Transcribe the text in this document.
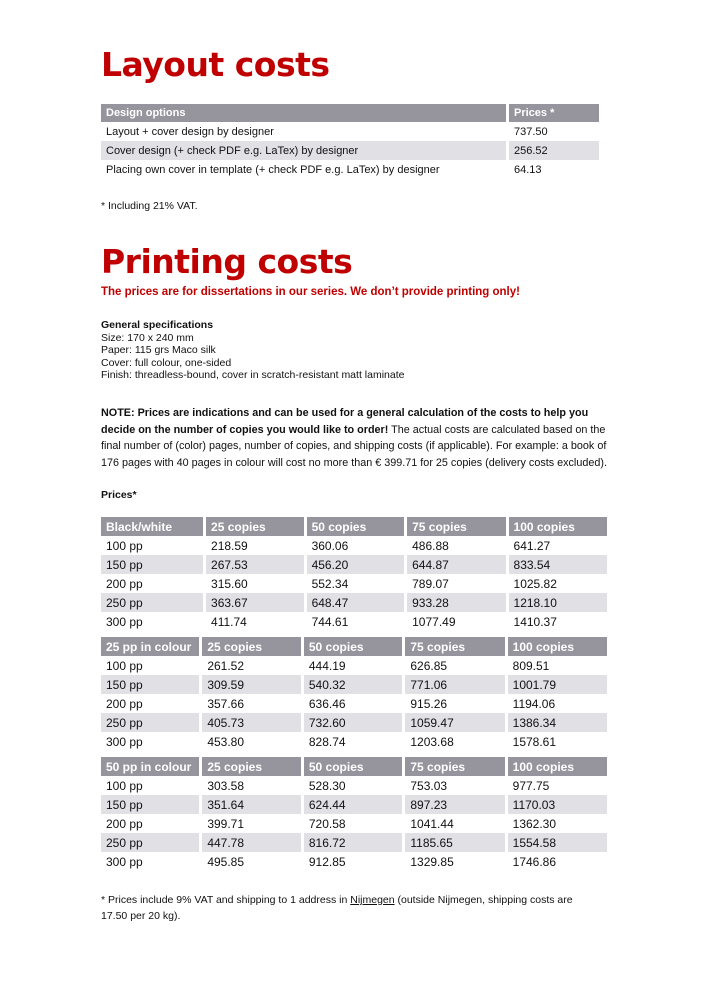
Layout costs
Design options	Prices *
Layout + cover design by designer	737.50
Cover design (+ check PDF e.g. LaTex) by designer	256.52
Placing own cover in template (+ check PDF e.g. LaTex) by designer	64.13
* Including 21% VAT.
Printing costs
The prices are for dissertations in our series. We don’t provide printing only!
General specifications
Size: 170 x 240 mm
Paper: 115 grs Maco silk
Cover: full colour, one-sided
Finish: threadless-bound, cover in scratch-resistant matt laminate
NOTE: Prices are indications and can be used for a general calculation of the costs to help you decide on the number of copies you would like to order! The actual costs are calculated based on the final number of (color) pages, number of copies, and shipping costs (if applicable). For example: a book of 176 pages with 40 pages in colour will cost no more than € 399.71 for 25 copies (delivery costs excluded).
Prices*
Black/white	25 copies	50 copies	75 copies	100 copies
100 pp	218.59	360.06	486.88	641.27
150 pp	267.53	456.20	644.87	833.54
200 pp	315.60	552.34	789.07	1025.82
250 pp	363.67	648.47	933.28	1218.10
300 pp	411.74	744.61	1077.49	1410.37
25 pp in colour	25 copies	50 copies	75 copies	100 copies
100 pp	261.52	444.19	626.85	809.51
150 pp	309.59	540.32	771.06	1001.79
200 pp	357.66	636.46	915.26	1194.06
250 pp	405.73	732.60	1059.47	1386.34
300 pp	453.80	828.74	1203.68	1578.61
50 pp in colour	25 copies	50 copies	75 copies	100 copies
100 pp	303.58	528.30	753.03	977.75
150 pp	351.64	624.44	897.23	1170.03
200 pp	399.71	720.58	1041.44	1362.30
250 pp	447.78	816.72	1185.65	1554.58
300 pp	495.85	912.85	1329.85	1746.86
* Prices include 9% VAT and shipping to 1 address in Nijmegen (outside Nijmegen, shipping costs are 17.50 per 20 kg).
